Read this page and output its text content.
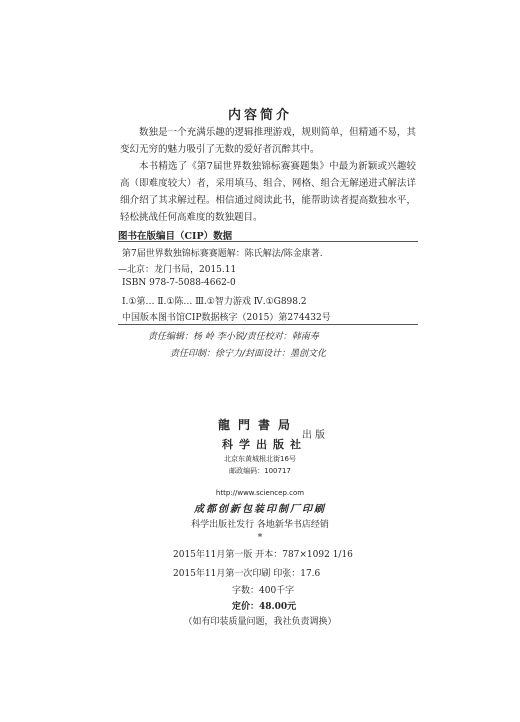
内容简介

数独是一个充满乐趣的逻辑推理游戏，规则简单，但精通不易，其变幻无穷的魅力吸引了无数的爱好者沉醉其中。

本书精选了《第7届世界数独锦标赛赛题集》中最为新颖或兴趣较高（即难度较大）者，采用填马、组合、网格、组合无解递进式解法详细介绍了其求解过程。相信通过阅读此书，能帮助读者提高数独水平，轻松挑战任何高难度的数独题目。

图书在版编目（CIP）数据
第7届世界数独锦标赛赛题解：陈氏解法/陈金康著.
—北京：龙门书局，2015.11
ISBN 978-7-5088-4662-0
Ⅰ.①第… Ⅱ.①陈… Ⅲ.①智力游戏 Ⅳ.①G898.2
中国版本图书馆CIP数据核字（2015）第274432号
责任编辑：杨 岭 李小锐/责任校对：韩南寿
责任印制：徐宁力/封面设计：墨创文化
龍門書局
科学出版社
出版
北京东黄城根北街16号
邮政编码：100717
http://www.sciencep.com
成都创新包装印制厂印刷
科学出版社发行 各地新华书店经销
*
2015年11月第一版 开本：787×1092 1/16
2015年11月第一次印刷 印张：17.6
字数：400千字
定价：48.00元
（如有印装质量问题，我社负责调换）
